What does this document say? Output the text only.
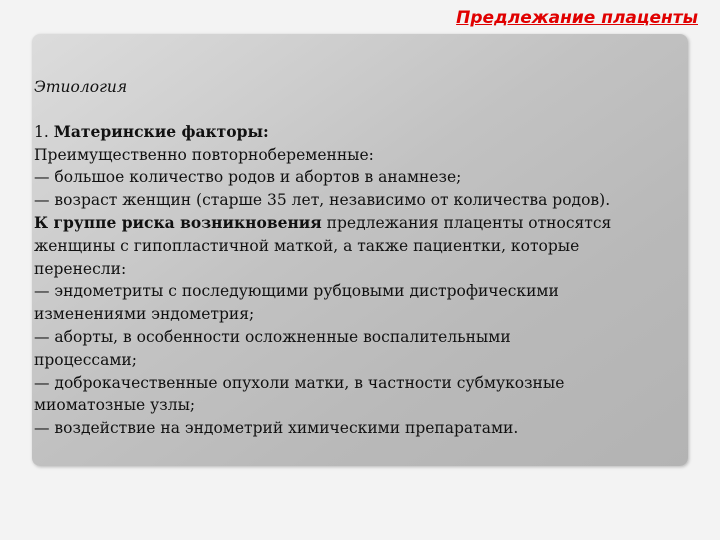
Предлежание плаценты

Этиология

1. Материнские факторы:

Преимущественно повторнобеременные:

— большое количество родов и абортов в анамнезе;

— возраст женщин (старше 35 лет, независимо от количества родов).

К группе риска возникновения предлежания плаценты относятся

женщины с гипопластичной маткой, а также пациентки, которые

перенесли:

— эндометриты с последующими рубцовыми дистрофическими

изменениями эндометрия;

— аборты, в особенности осложненные воспалительными

процессами;

— доброкачественные опухоли матки, в частности субмукозные

миоматозные узлы;

— воздействие на эндометрий химическими препаратами.
